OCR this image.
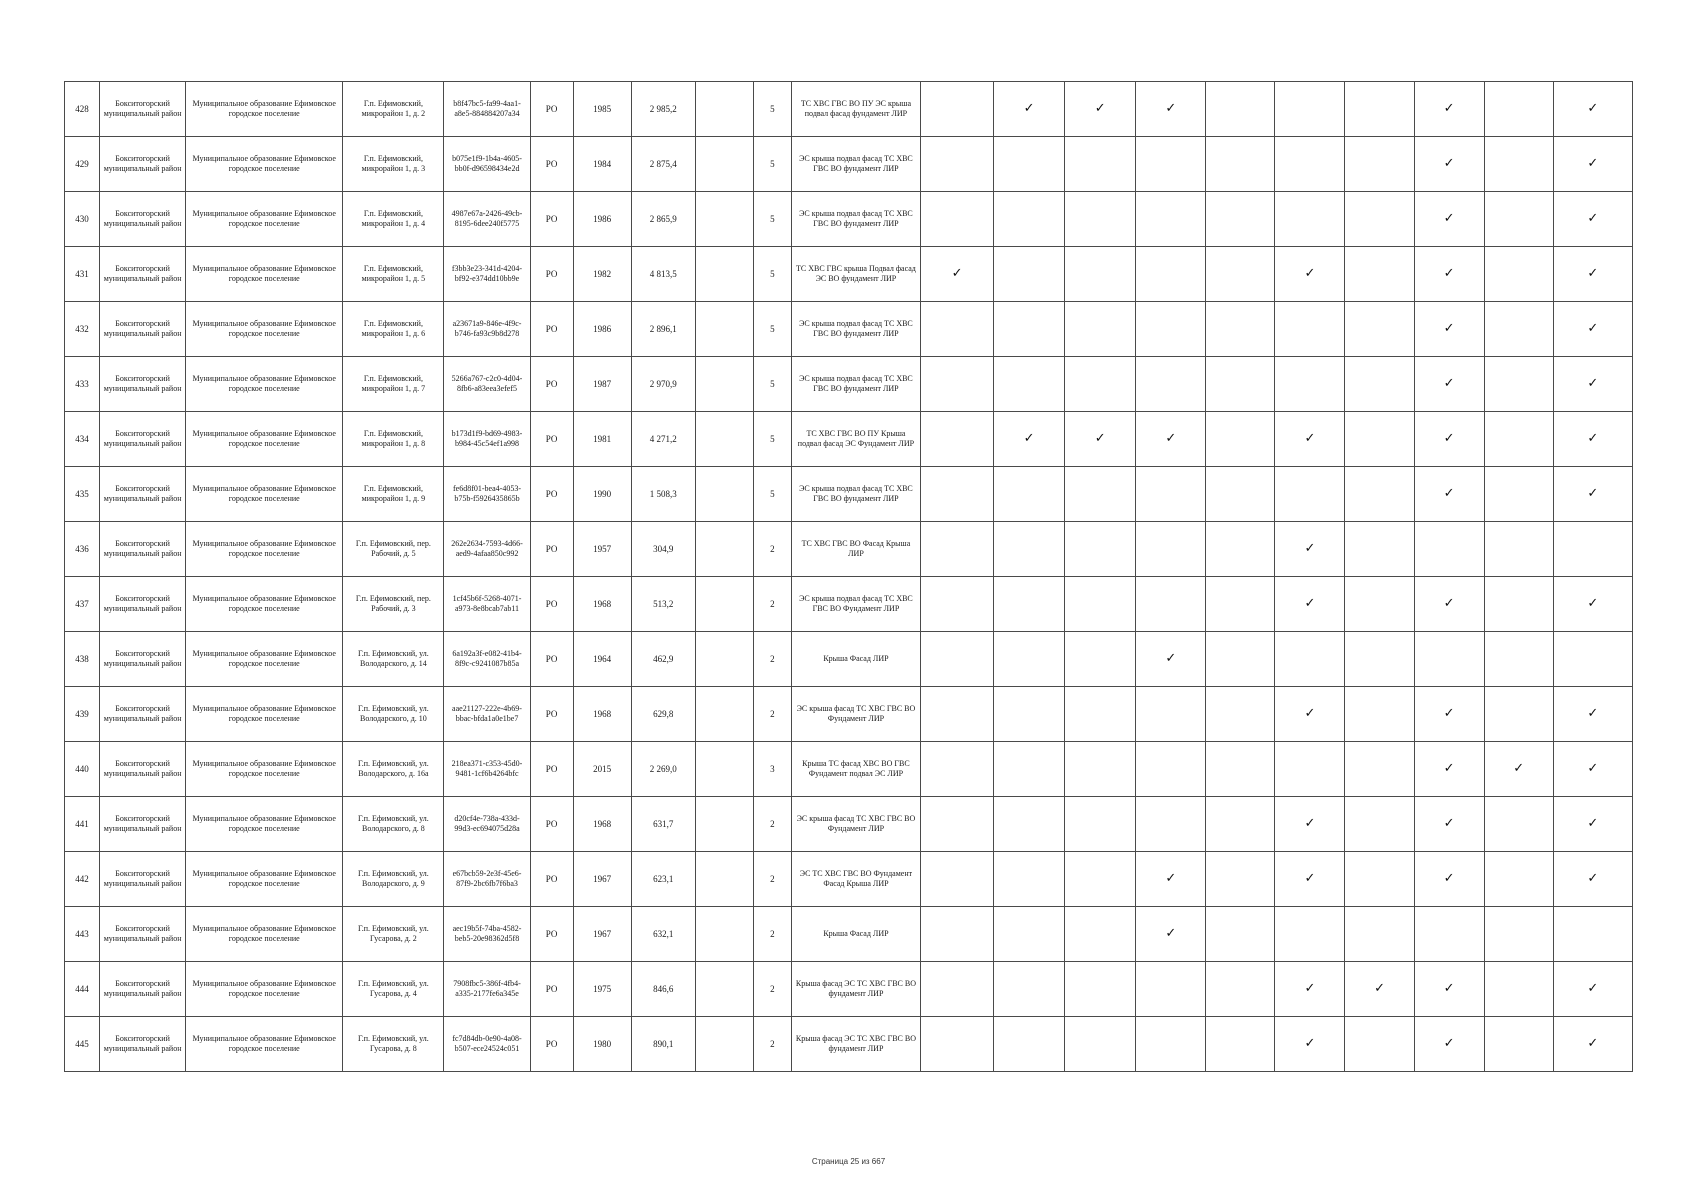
428	Бокситогорский муниципальный район	Муниципальное образование Ефимовское городское поселение	Г.п. Ефимовский, микрорайон 1, д. 2	b8f47bc5-fa99-4aa1-a8e5-884884207a34	РО	1985	2 985,2		5	ТС ХВС ГВС ВО ПУ ЭС крыша подвал фасад фундамент ЛИР		✓	✓	✓				✓		✓
429	Бокситогорский муниципальный район	Муниципальное образование Ефимовское городское поселение	Г.п. Ефимовский, микрорайон 1, д. 3	b075e1f9-1b4a-4605-bb0f-d96598434e2d	РО	1984	2 875,4		5	ЭС крыша подвал фасад ТС ХВС ГВС ВО фундамент ЛИР								✓		✓
430	Бокситогорский муниципальный район	Муниципальное образование Ефимовское городское поселение	Г.п. Ефимовский, микрорайон 1, д. 4	4987e67a-2426-49cb-8195-6dee240f5775	РО	1986	2 865,9		5	ЭС крыша подвал фасад ТС ХВС ГВС ВО фундамент ЛИР								✓		✓
431	Бокситогорский муниципальный район	Муниципальное образование Ефимовское городское поселение	Г.п. Ефимовский, микрорайон 1, д. 5	f3bb3e23-341d-4204-bf92-e374dd10bb9e	РО	1982	4 813,5		5	ТС ХВС ГВС крыша Подвал фасад ЭС ВО фундамент ЛИР	✓					✓		✓		✓
432	Бокситогорский муниципальный район	Муниципальное образование Ефимовское городское поселение	Г.п. Ефимовский, микрорайон 1, д. 6	a23671a9-846e-4f9c-b746-fa93c9b8d278	РО	1986	2 896,1		5	ЭС крыша подвал фасад ТС ХВС ГВС ВО фундамент ЛИР								✓		✓
433	Бокситогорский муниципальный район	Муниципальное образование Ефимовское городское поселение	Г.п. Ефимовский, микрорайон 1, д. 7	5266a767-c2c0-4d04-8fb6-a83eea3efef5	РО	1987	2 970,9		5	ЭС крыша подвал фасад ТС ХВС ГВС ВО фундамент ЛИР								✓		✓
434	Бокситогорский муниципальный район	Муниципальное образование Ефимовское городское поселение	Г.п. Ефимовский, микрорайон 1, д. 8	b173d1f9-bd69-4983-b984-45c54ef1a998	РО	1981	4 271,2		5	ТС ХВС ГВС ВО ПУ Крыша подвал фасад ЭС Фундамент ЛИР		✓	✓	✓		✓		✓		✓
435	Бокситогорский муниципальный район	Муниципальное образование Ефимовское городское поселение	Г.п. Ефимовский, микрорайон 1, д. 9	fe6d8f01-bea4-4053-b75b-f5926435865b	РО	1990	1 508,3		5	ЭС крыша подвал фасад ТС ХВС ГВС ВО фундамент ЛИР								✓		✓
436	Бокситогорский муниципальный район	Муниципальное образование Ефимовское городское поселение	Г.п. Ефимовский, пер. Рабочий, д. 5	262e2634-7593-4d66-aed9-4afaa850c992	РО	1957	304,9		2	ТС ХВС ГВС ВО Фасад Крыша ЛИР						✓				
437	Бокситогорский муниципальный район	Муниципальное образование Ефимовское городское поселение	Г.п. Ефимовский, пер. Рабочий, д. 3	1cf45b6f-5268-4071-a973-8e8bcab7ab11	РО	1968	513,2		2	ЭС крыша подвал фасад ТС ХВС ГВС ВО Фундамент ЛИР						✓		✓		✓
438	Бокситогорский муниципальный район	Муниципальное образование Ефимовское городское поселение	Г.п. Ефимовский, ул. Володарского, д. 14	6a192a3f-e082-41b4-8f9c-c9241087b85a	РО	1964	462,9		2	Крыша Фасад ЛИР				✓						
439	Бокситогорский муниципальный район	Муниципальное образование Ефимовское городское поселение	Г.п. Ефимовский, ул. Володарского, д. 10	aae21127-222e-4b69-bbac-bfda1a0e1be7	РО	1968	629,8		2	ЭС крыша фасад ТС ХВС ГВС ВО Фундамент ЛИР						✓		✓		✓
440	Бокситогорский муниципальный район	Муниципальное образование Ефимовское городское поселение	Г.п. Ефимовский, ул. Володарского, д. 16а	218ea371-c353-45d0-9481-1cf6b4264bfc	РО	2015	2 269,0		3	Крыша ТС фасад ХВС ВО ГВС Фундамент подвал ЭС ЛИР								✓	✓	✓
441	Бокситогорский муниципальный район	Муниципальное образование Ефимовское городское поселение	Г.п. Ефимовский, ул. Володарского, д. 8	d20cf4e-738a-433d-99d3-ec694075d28a	РО	1968	631,7		2	ЭС крыша фасад ТС ХВС ГВС ВО Фундамент ЛИР						✓		✓		✓
442	Бокситогорский муниципальный район	Муниципальное образование Ефимовское городское поселение	Г.п. Ефимовский, ул. Володарского, д. 9	e67bcb59-2e3f-45e6-87f9-2bc6fb7f6ba3	РО	1967	623,1		2	ЭС ТС ХВС ГВС ВО Фундамент Фасад Крыша ЛИР				✓		✓		✓		✓
443	Бокситогорский муниципальный район	Муниципальное образование Ефимовское городское поселение	Г.п. Ефимовский, ул. Гусарова, д. 2	aec19b5f-74ba-4582-beb5-20e98362d5f8	РО	1967	632,1		2	Крыша Фасад ЛИР				✓						
444	Бокситогорский муниципальный район	Муниципальное образование Ефимовское городское поселение	Г.п. Ефимовский, ул. Гусарова, д. 4	7908fbc5-386f-4fb4-a335-2177fe6a345e	РО	1975	846,6		2	Крыша фасад ЭС ТС ХВС ГВС ВО фундамент ЛИР						✓	✓	✓		✓
445	Бокситогорский муниципальный район	Муниципальное образование Ефимовское городское поселение	Г.п. Ефимовский, ул. Гусарова, д. 8	fc7d84db-0e90-4a08-b507-ece24524c051	РО	1980	890,1		2	Крыша фасад ЭС ТС ХВС ГВС ВО фундамент ЛИР						✓		✓		✓
Страница 25 из 667
